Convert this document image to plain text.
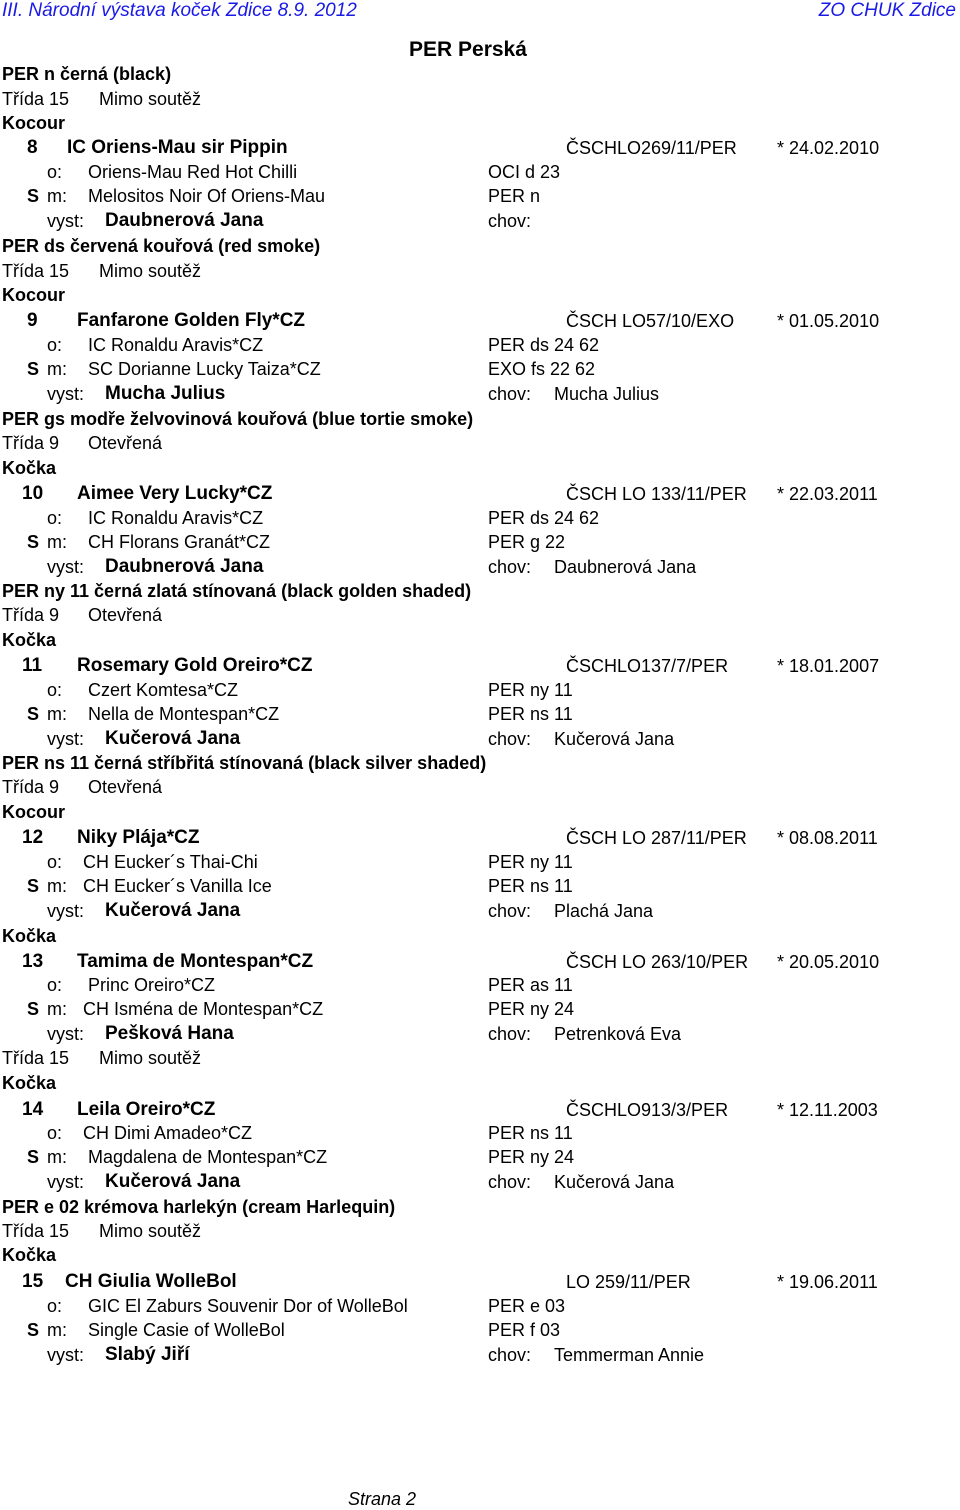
III. Národní výstava koček Zdice 8.9. 2012	ZO CHUK Zdice
PER Perská
PER n černá (black)
Třída 15 Mimo soutěž
Kocour
8 IC Oriens-Mau sir Pippin	ČSCHLO269/11/PER * 24.02.2010
o: Oriens-Mau Red Hot Chilli	OCI d 23
S m: Melositos Noir Of Oriens-Mau	PER n
vyst: Daubnerová Jana	chov:
PER ds červená kouřová (red smoke)
Třída 15 Mimo soutěž
Kocour
9 Fanfarone Golden Fly*CZ	ČSCH LO57/10/EXO * 01.05.2010
o: IC Ronaldu Aravis*CZ	PER ds 24 62
S m: SC Dorianne Lucky Taiza*CZ	EXO fs 22 62
vyst: Mucha Julius	chov: Mucha Julius
PER gs modře želvovinová kouřová (blue tortie smoke)
Třída 9 Otevřená
Kočka
10 Aimee Very Lucky*CZ	ČSCH LO 133/11/PER * 22.03.2011
o: IC Ronaldu Aravis*CZ	PER ds 24 62
S m: CH Florans Granát*CZ	PER g 22
vyst: Daubnerová Jana	chov: Daubnerová Jana
PER ny 11 černá zlatá stínovaná (black golden shaded)
Třída 9 Otevřená
Kočka
11 Rosemary Gold Oreiro*CZ	ČSCHLO137/7/PER	* 18.01.2007
o: Czert Komtesa*CZ	PER ny 11
S m: Nella de Montespan*CZ	PER ns 11
vyst: Kučerová Jana	chov: Kučerová Jana
PER ns 11 černá stříbřitá stínovaná (black silver shaded)
Třída 9 Otevřená
Kocour
12 Niky Plája*CZ	ČSCH LO 287/11/PER * 08.08.2011
o: CH Eucker´s Thai-Chi	PER ny 11
S m: CH Eucker´s Vanilla Ice	PER ns 11
vyst: Kučerová Jana	chov: Plachá Jana
Kočka
13 Tamima de Montespan*CZ	ČSCH LO 263/10/PER * 20.05.2010
o: Princ Oreiro*CZ	PER as 11
S m: CH Isména de Montespan*CZ	PER ny 24
vyst: Pešková Hana	chov: Petrenková Eva
Třída 15 Mimo soutěž
Kočka
14 Leila Oreiro*CZ	ČSCHLO913/3/PER	* 12.11.2003
o: CH Dimi Amadeo*CZ	PER ns 11
S m: Magdalena de Montespan*CZ	PER ny 24
vyst: Kučerová Jana	chov: Kučerová Jana
PER e 02 krémova harlekýn (cream Harlequin)
Třída 15 Mimo soutěž
Kočka
15 CH Giulia WolleBol	LO 259/11/PER	* 19.06.2011
o: GIC El Zaburs Souvenir Dor of WolleBol	PER e 03
S m: Single Casie of WolleBol	PER f 03
vyst: Slabý Jiří	chov: Temmerman Annie
Strana 2
